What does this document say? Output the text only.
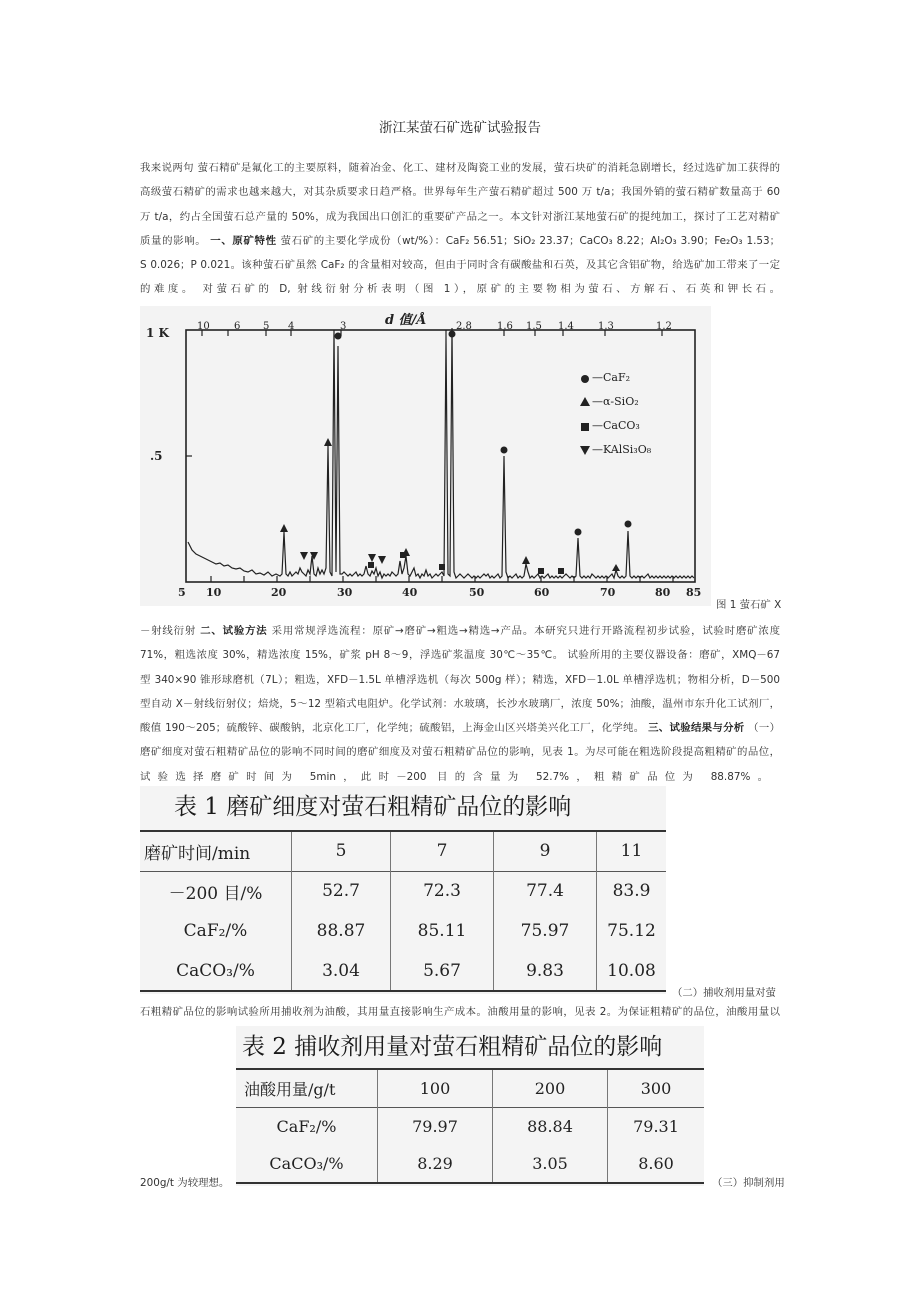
浙江某萤石矿选矿试验报告
我来说两句 萤石精矿是氟化工的主要原料，随着冶金、化工、建材及陶瓷工业的发展，萤石块矿的消耗急剧增长，经过选矿加工获得的
高级萤石精矿的需求也越来越大，对其杂质要求日趋严格。世界每年生产萤石精矿超过 500 万 t/a；我国外销的萤石精矿数量高于 60
万 t/a，约占全国萤石总产量的 50%，成为我国出口创汇的重要矿产品之一。本文针对浙江某地萤石矿的提纯加工，探讨了工艺对精矿
质量的影响。 一、原矿特性 萤石矿的主要化学成份（wt/%）：CaF₂ 56.51；SiO₂ 23.37；CaCO₃ 8.22；Al₂O₃ 3.90；Fe₂O₃ 1.53；
S 0.026；P 0.021。该种萤石矿虽然 CaF₂ 的含量相对较高，但由于同时含有碳酸盐和石英，及其它含铝矿物，给选矿加工带来了一定
的难度。 对萤石矿的 D, 射线衍射分析表明（图 1），原矿的主要物相为萤石、方解石、石英和钾长石。
d 值/Å
1 K
.5
10 6 5 4	3	2.8	1.6 1.5 1.4 1.3	1.2
5 10	20	30	40	50	60	70	80 85
—CaF₂
—α-SiO₂
—CaCO₃
—KAlSi₃O₈
图 1 萤石矿 X
－射线衍射 二、试验方法 采用常规浮选流程：原矿→磨矿→粗选→精选→产品。本研究只进行开路流程初步试验，试验时磨矿浓度
71%，粗选浓度 30%，精选浓度 15%，矿浆 pH 8～9，浮选矿浆温度 30℃～35℃。 试验所用的主要仪器设备：磨矿，XMQ－67
型 340×90 锥形球磨机（7L）；粗选，XFD－1.5L 单槽浮选机（每次 500g 样）；精选，XFD－1.0L 单槽浮选机；物相分析，D－500
型自动 X－射线衍射仪；焙烧，5～12 型箱式电阻炉。化学试剂：水玻璃，长沙水玻璃厂，浓度 50%；油酸，温州市东升化工试剂厂，
酸值 190～205；硫酸锌、碳酸钠，北京化工厂，化学纯；硫酸铝，上海金山区兴塔美兴化工厂，化学纯。 三、试验结果与分析 （一）
磨矿细度对萤石粗精矿品位的影响不同时间的磨矿细度及对萤石粗精矿品位的影响，见表 1。为尽可能在粗选阶段提高粗精矿的品位，
试验选择磨矿时间为 5min，此时－200 目的含量为 52.7%，粗精矿品位为 88.87%。
表 1 磨矿细度对萤石粗精矿品位的影响
磨矿时间/min	5	7	9	11
－200 目/%	52.7	72.3	77.4	83.9
CaF₂/%	88.87	85.11	75.97	75.12
CaCO₃/%	3.04	5.67	9.83	10.08
（二）捕收剂用量对萤
石粗精矿品位的影响试验所用捕收剂为油酸，其用量直接影响生产成本。油酸用量的影响，见表 2。为保证粗精矿的品位，油酸用量以
表 2 捕收剂用量对萤石粗精矿品位的影响
油酸用量/g/t	100	200	300
CaF₂/%	79.97	88.84	79.31
CaCO₃/%	8.29	3.05	8.60
200g/t 为较理想。	（三）抑制剂用
